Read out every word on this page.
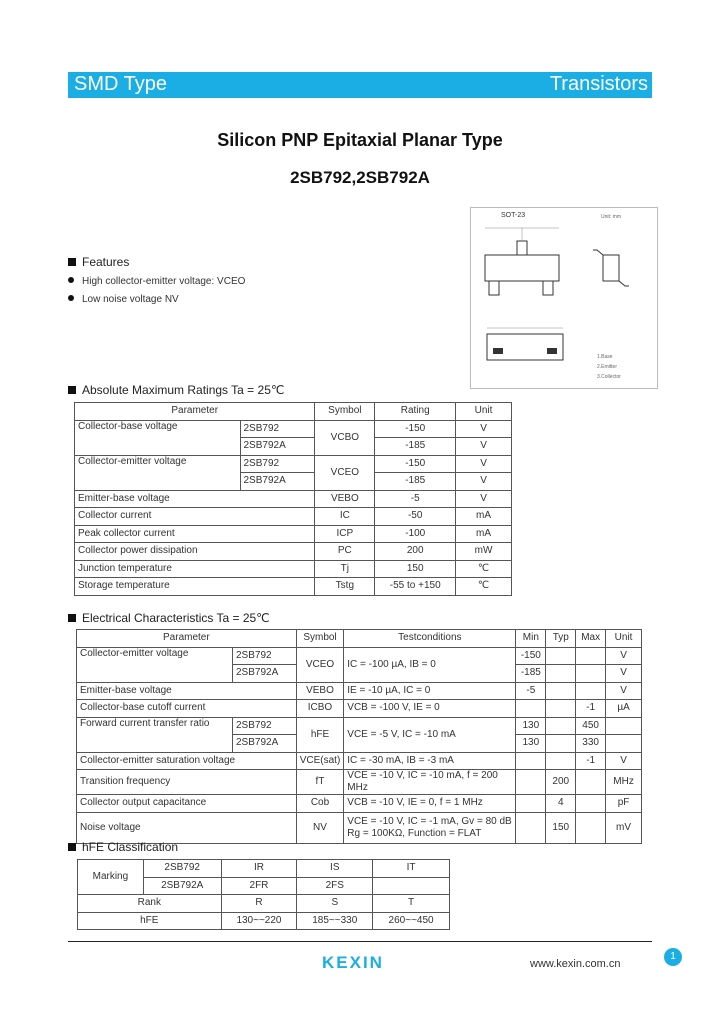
SMD Type	Transistors
Silicon PNP Epitaxial Planar Type
2SB792,2SB792A
Features
High collector-emitter voltage: VCEO
Low noise voltage NV
SOT-23	Unit: mm
1.Base
2.Emitter
3.Collector
Absolute Maximum Ratings Ta = 25℃
Parameter		Symbol	Rating	Unit
Collector-base voltage	2SB792	VCBO	-150	V
	2SB792A		-185	V
Collector-emitter voltage	2SB792	VCEO	-150	V
	2SB792A		-185	V
Emitter-base voltage		VEBO	-5	V
Collector current		IC	-50	mA
Peak collector current		ICP	-100	mA
Collector power dissipation		PC	200	mW
Junction temperature		Tj	150	℃
Storage temperature		Tstg	-55 to +150	℃
Electrical Characteristics Ta = 25℃
Parameter		Symbol	Testconditions	Min	Typ	Max	Unit
Collector-emitter voltage	2SB792	VCEO	IC = -100 µA, IB = 0	-150			V
	2SB792A			-185			V
Emitter-base voltage		VEBO	IE = -10 µA, IC = 0	-5			V
Collector-base cutoff current		ICBO	VCB = -100 V, IE = 0			-1	µA
Forward current transfer ratio	2SB792	hFE	VCE = -5 V, IC = -10 mA	130		450	
	2SB792A			130		330	
Collector-emitter saturation voltage		VCE(sat)	IC = -30 mA, IB = -3 mA			-1	V
Transition frequency		fT	VCE = -10 V, IC = -10 mA, f = 200 MHz		200		MHz
Collector output capacitance		Cob	VCB = -10 V, IE = 0, f = 1 MHz		4		pF
Noise voltage		NV	VCE = -10 V, IC = -1 mA, Gv = 80 dB
Rg = 100KΩ, Function = FLAT		150		mV
hFE Classification
Marking	2SB792	IR	IS	IT
	2SB792A	2FR	2FS	
Rank		R	S	T
hFE		130~~220	185~~330	260~~450
KEXIN	www.kexin.com.cn
1
